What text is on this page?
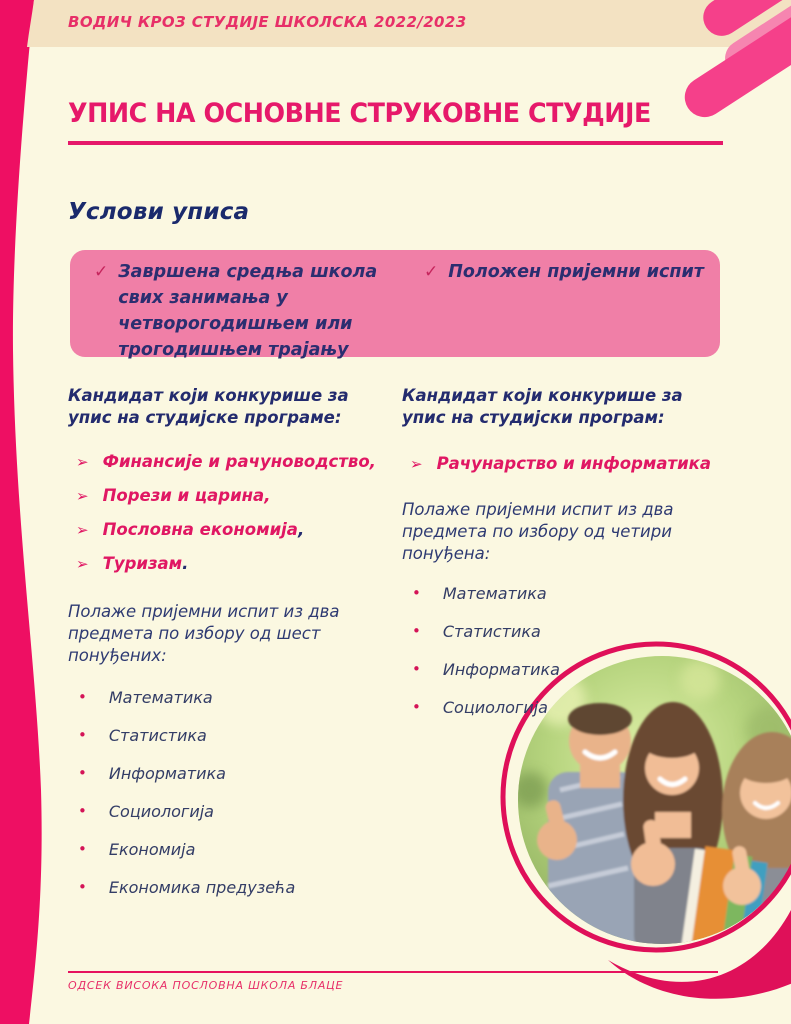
ВОДИЧ КРОЗ СТУДИЈЕ ШКОЛСКА 2022/2023
УПИС НА ОСНОВНЕ СТРУКОВНЕ СТУДИЈЕ
Услови уписа
✓ Завршена средња школа свих занимања у четворогодишњем или трогодишњем трајању
✓ Положен пријемни испит
Кандидат који конкурише за упис на студијске програме:
➢ Финансије и рачуноводство,
➢ Порези и царина,
➢ Пословна економија,
➢ Туризам.
Полаже пријемни испит из два предмета по избору од шест понуђених:
• Математика
• Статистика
• Информатика
• Социологија
• Економија
• Економика предузећа
Кандидат који конкурише за упис на студијски програм:
➢ Рачунарство и информатика
Полаже пријемни испит из два предмета по избору од четири понуђена:
• Математика
• Статистика
• Информатика
• Социологија
ОДСЕК ВИСОКА ПОСЛОВНА ШКОЛА БЛАЦЕ
